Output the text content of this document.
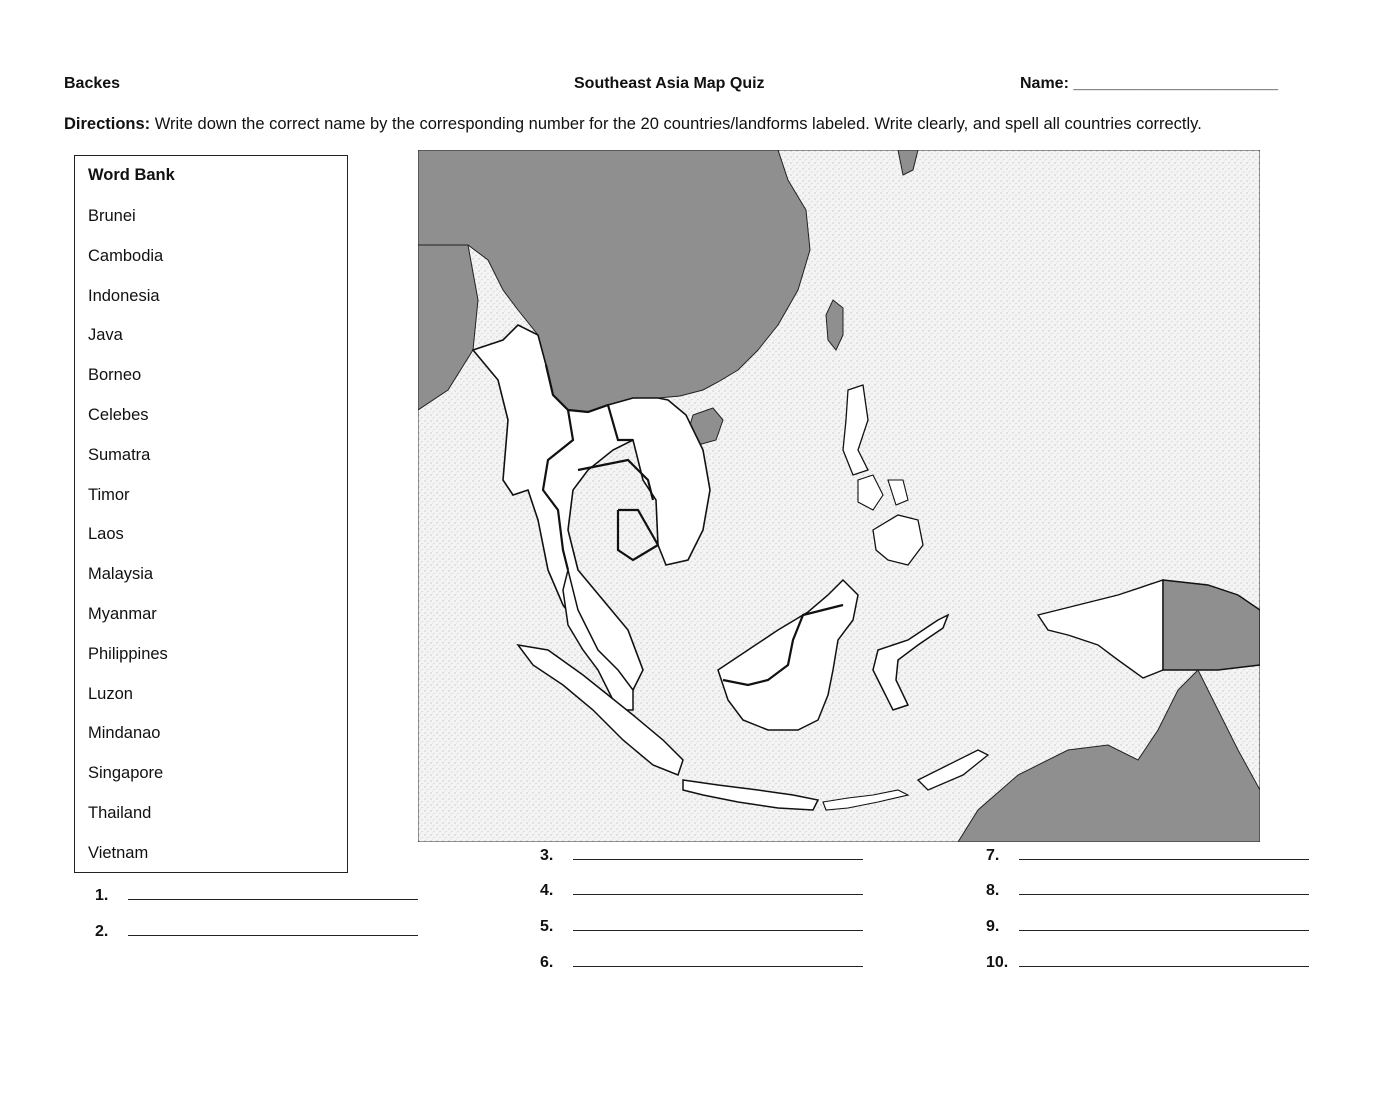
Backes	Southeast Asia Map Quiz	Name: _______________________
Directions: Write down the correct name by the corresponding number for the 20 countries/landforms labeled. Write clearly, and spell all countries correctly.
Word Bank
Brunei
Cambodia
Indonesia
Java
Borneo
Celebes
Sumatra
Timor
Laos
Malaysia
Myanmar
Philippines
Luzon
Mindanao
Singapore
Thailand
Vietnam
1.
2.
3.
4.
5.
6.
7.
8.
9.
10.
